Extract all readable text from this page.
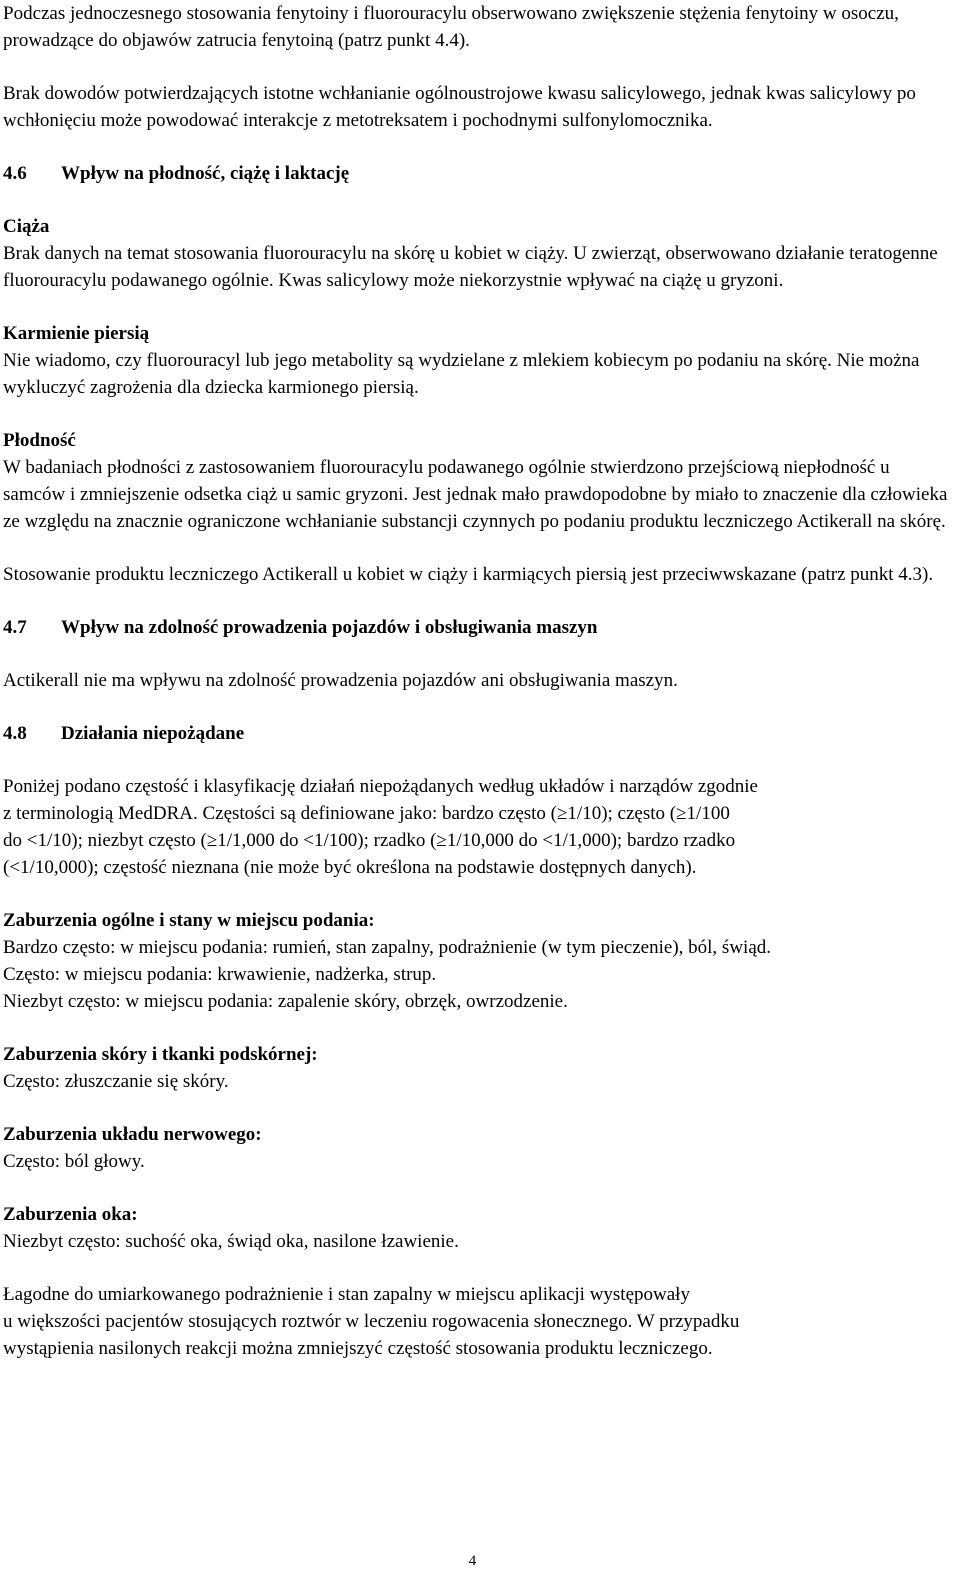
Podczas jednoczesnego stosowania fenytoiny i fluorouracylu obserwowano zwiększenie stężenia fenytoiny w osoczu, prowadzące do objawów zatrucia fenytoiną (patrz punkt 4.4).

Brak dowodów potwierdzających istotne wchłanianie ogólnoustrojowe kwasu salicylowego, jednak kwas salicylowy po wchłonięciu może powodować interakcje z metotreksatem i pochodnymi sulfonylomocznika.

4.6	Wpływ na płodność, ciążę i laktację

Ciąża

Brak danych na temat stosowania fluorouracylu na skórę u kobiet w ciąży. U zwierząt, obserwowano działanie teratogenne fluorouracylu podawanego ogólnie. Kwas salicylowy może niekorzystnie wpływać na ciążę u gryzoni.

Karmienie piersią

Nie wiadomo, czy fluorouracyl lub jego metabolity są wydzielane z mlekiem kobiecym po podaniu na skórę. Nie można wykluczyć zagrożenia dla dziecka karmionego piersią.

Płodność

W badaniach płodności z zastosowaniem fluorouracylu podawanego ogólnie stwierdzono przejściową niepłodność u samców i zmniejszenie odsetka ciąż u samic gryzoni. Jest jednak mało prawdopodobne by miało to znaczenie dla człowieka ze względu na znacznie ograniczone wchłanianie substancji czynnych po podaniu produktu leczniczego Actikerall na skórę.

Stosowanie produktu leczniczego Actikerall u kobiet w ciąży i karmiących piersią jest przeciwwskazane (patrz punkt 4.3).

4.7	Wpływ na zdolność prowadzenia pojazdów i obsługiwania maszyn

Actikerall nie ma wpływu na zdolność prowadzenia pojazdów ani obsługiwania maszyn.

4.8	Działania niepożądane

Poniżej podano częstość i klasyfikację działań niepożądanych według układów i narządów zgodnie

z terminologią MedDRA. Częstości są definiowane jako: bardzo często (≥1/10); często (≥1/100

do <1/10); niezbyt często (≥1/1,000 do <1/100); rzadko (≥1/10,000 do <1/1,000); bardzo rzadko

(<1/10,000); częstość nieznana (nie może być określona na podstawie dostępnych danych).

Zaburzenia ogólne i stany w miejscu podania:

Bardzo często: w miejscu podania: rumień, stan zapalny, podrażnienie (w tym pieczenie), ból, świąd.

Często: w miejscu podania: krwawienie, nadżerka, strup.

Niezbyt często: w miejscu podania: zapalenie skóry, obrzęk, owrzodzenie.

Zaburzenia skóry i tkanki podskórnej:

Często: złuszczanie się skóry.

Zaburzenia układu nerwowego:

Często: ból głowy.

Zaburzenia oka:

Niezbyt często: suchość oka, świąd oka, nasilone łzawienie.

Łagodne do umiarkowanego podrażnienie i stan zapalny w miejscu aplikacji występowały

u większości pacjentów stosujących roztwór w leczeniu rogowacenia słonecznego. W przypadku

wystąpienia nasilonych reakcji można zmniejszyć częstość stosowania produktu leczniczego.

4
